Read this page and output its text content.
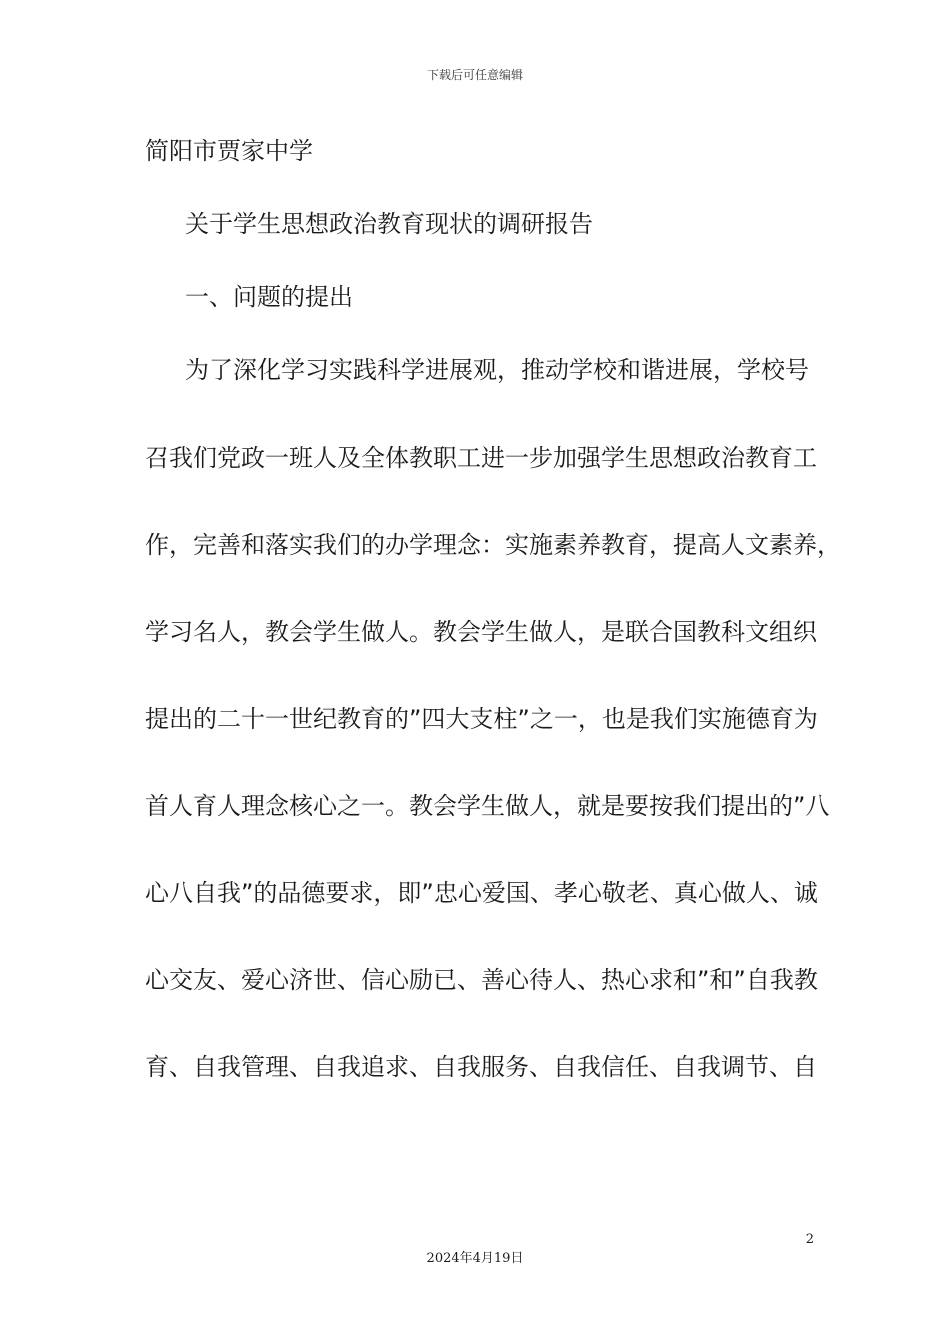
下载后可任意编辑
简阳市贾家中学
关于学生思想政治教育现状的调研报告
一、问题的提出
为了深化学习实践科学进展观，推动学校和谐进展，学校号
召我们党政一班人及全体教职工进一步加强学生思想政治教育工
作，完善和落实我们的办学理念：实施素养教育，提高人文素养，
学习名人，教会学生做人。教会学生做人，是联合国教科文组织
提出的二十一世纪教育的”四大支柱”之一，也是我们实施德育为
首人育人理念核心之一。教会学生做人，就是要按我们提出的”八
心八自我”的品德要求，即”忠心爱国、孝心敬老、真心做人、诚
心交友、爱心济世、信心励已、善心待人、热心求和”和”自我教
育、自我管理、自我追求、自我服务、自我信任、自我调节、自
2
2024年4月19日
